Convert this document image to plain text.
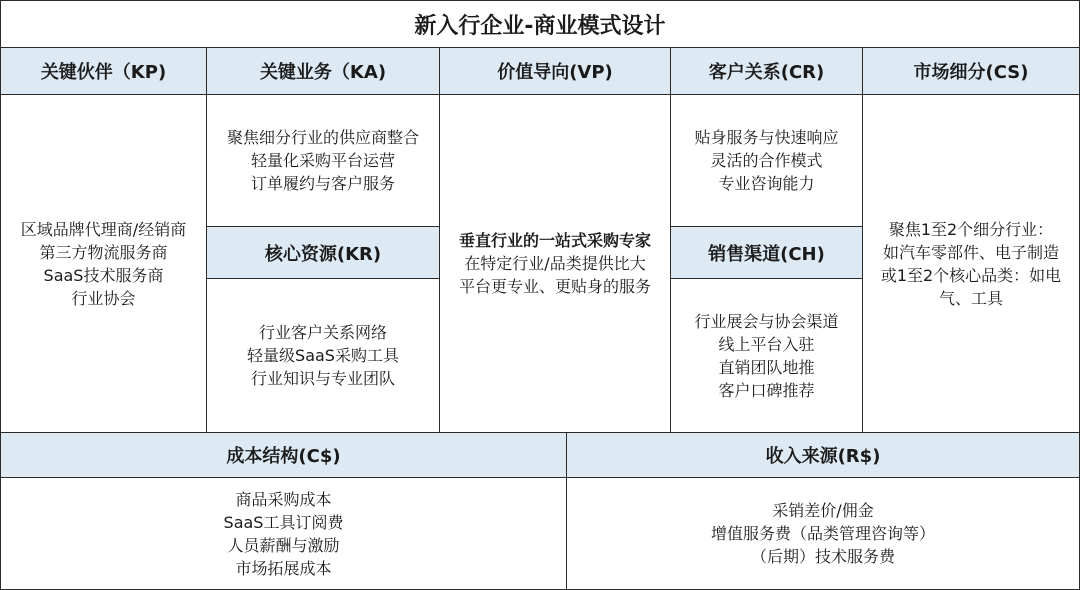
新入行企业-商业模式设计
关键伙伴（KP)
区域品牌代理商/经销商
第三方物流服务商
SaaS技术服务商
行业协会
关键业务（KA)
聚焦细分行业的供应商整合
轻量化采购平台运营
订单履约与客户服务
核心资源(KR)
行业客户关系网络
轻量级SaaS采购工具
行业知识与专业团队
价值导向(VP)
垂直行业的一站式采购专家
在特定行业/品类提供比大
平台更专业、更贴身的服务
客户关系(CR)
贴身服务与快速响应
灵活的合作模式
专业咨询能力
销售渠道(CH)
行业展会与协会渠道
线上平台入驻
直销团队地推
客户口碑推荐
市场细分(CS)
聚焦1至2个细分行业：
如汽车零部件、电子制造
或1至2个核心品类：如电
气、工具
成本结构(C$)
商品采购成本
SaaS工具订阅费
人员薪酬与激励
市场拓展成本
收入来源(R$)
采销差价/佣金
增值服务费（品类管理咨询等）
（后期）技术服务费
